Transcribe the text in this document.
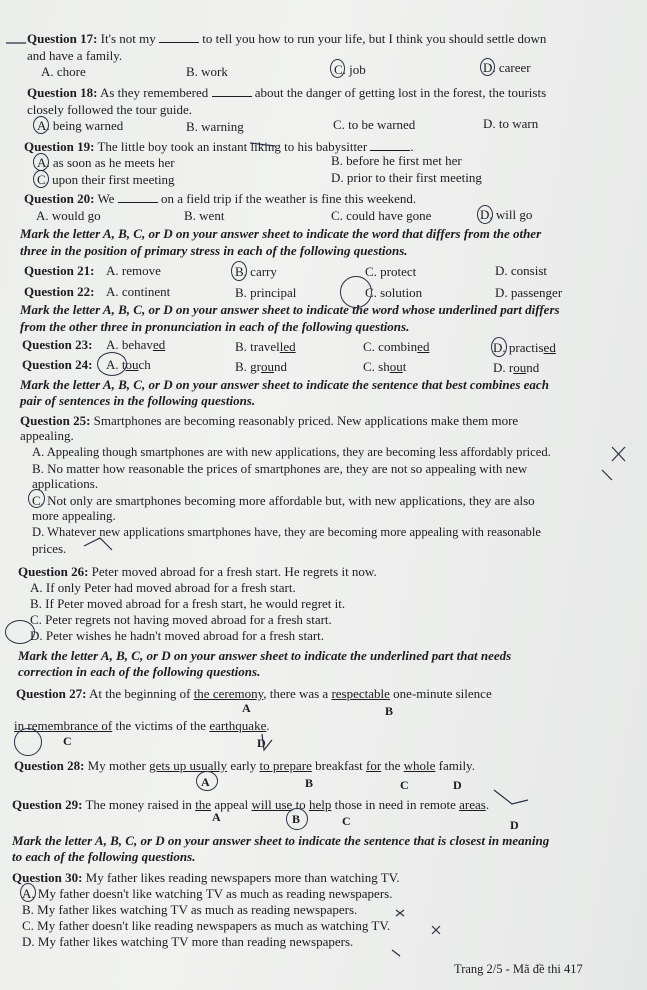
Question 17: It's not my	to tell you how to run your life, but I think you should settle down
and have a family.
A. chore	B. work	C. job	D. career
Question 18: As they remembered	about the danger of getting lost in the forest, the tourists
closely followed the tour guide.
A. being warned	B. warning	C. to be warned	D. to warn
Question 19: The little boy took an instant liking to his babysitter	.
A. as soon as he meets her	B. before he first met her
C. upon their first meeting	D. prior to their first meeting
Question 20: We	on a field trip if the weather is fine this weekend.
A. would go	B. went	C. could have gone	D. will go
Mark the letter A, B, C, or D on your answer sheet to indicate the word that differs from the other
three in the position of primary stress in each of the following questions.
Question 21: A. remove	B. carry	C. protect	D. consist
Question 22: A. continent	B. principal	C. solution	D. passenger
Mark the letter A, B, C, or D on your answer sheet to indicate the word whose underlined part differs
from the other three in pronunciation in each of the following questions.
Question 23: A. behaved	B. travelled	C. combined	D. practised
Question 24: A. touch	B. ground	C. shout	D. round
Mark the letter A, B, C, or D on your answer sheet to indicate the sentence that best combines each
pair of sentences in the following questions.
Question 25: Smartphones are becoming reasonably priced. New applications make them more
appealing.
A. Appealing though smartphones are with new applications, they are becoming less affordably priced.
B. No matter how reasonable the prices of smartphones are, they are not so appealing with new
applications.
C. Not only are smartphones becoming more affordable but, with new applications, they are also
more appealing.
D. Whatever new applications smartphones have, they are becoming more appealing with reasonable
prices.
Question 26: Peter moved abroad for a fresh start. He regrets it now.
A. If only Peter had moved abroad for a fresh start.
B. If Peter moved abroad for a fresh start, he would regret it.
C. Peter regrets not having moved abroad for a fresh start.
D. Peter wishes he hadn't moved abroad for a fresh start.
Mark the letter A, B, C, or D on your answer sheet to indicate the underlined part that needs
correction in each of the following questions.
Question 27: At the beginning of the ceremony, there was a respectable one-minute silence
A	B
in remembrance of the victims of the earthquake.
C	D
Question 28: My mother gets up usually early to prepare breakfast for the whole family.
A	B	C	D
Question 29: The money raised in the appeal will use to help those in need in remote areas.
A	B	C	D
Mark the letter A, B, C, or D on your answer sheet to indicate the sentence that is closest in meaning
to each of the following questions.
Question 30: My father likes reading newspapers more than watching TV.
A. My father doesn't like watching TV as much as reading newspapers.
B. My father likes watching TV as much as reading newspapers.
C. My father doesn't like reading newspapers as much as watching TV.
D. My father likes watching TV more than reading newspapers.
Trang 2/5 - Mã đề thi 417
